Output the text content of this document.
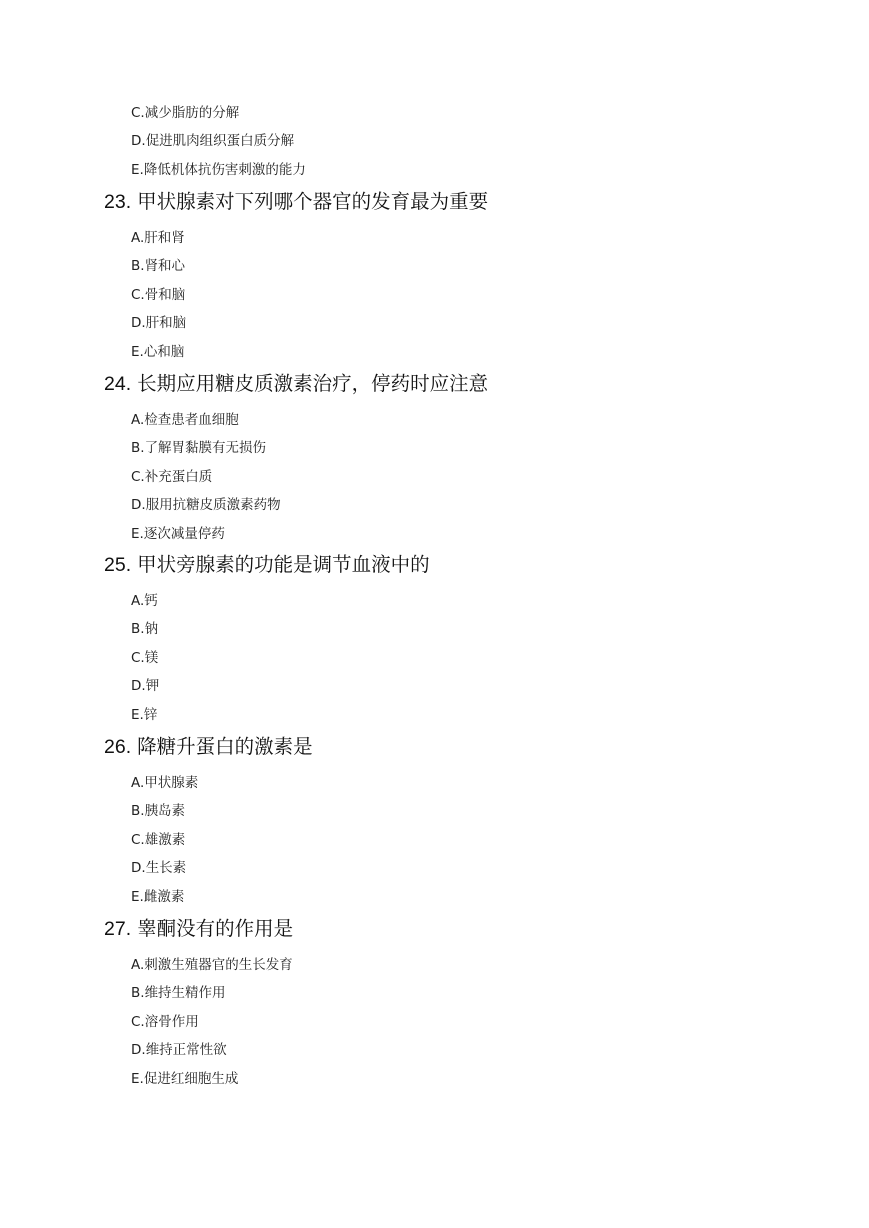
C.减少脂肪的分解
D.促进肌肉组织蛋白质分解
E.降低机体抗伤害刺激的能力
23. 甲状腺素对下列哪个器官的发育最为重要
A.肝和肾
B.肾和心
C.骨和脑
D.肝和脑
E.心和脑
24. 长期应用糖皮质激素治疗，停药时应注意
A.检查患者血细胞
B.了解胃黏膜有无损伤
C.补充蛋白质
D.服用抗糖皮质激素药物
E.逐次减量停药
25. 甲状旁腺素的功能是调节血液中的
A.钙
B.钠
C.镁
D.钾
E.锌
26. 降糖升蛋白的激素是
A.甲状腺素
B.胰岛素
C.雄激素
D.生长素
E.雌激素
27. 睾酮没有的作用是
A.刺激生殖器官的生长发育
B.维持生精作用
C.溶骨作用
D.维持正常性欲
E.促进红细胞生成
